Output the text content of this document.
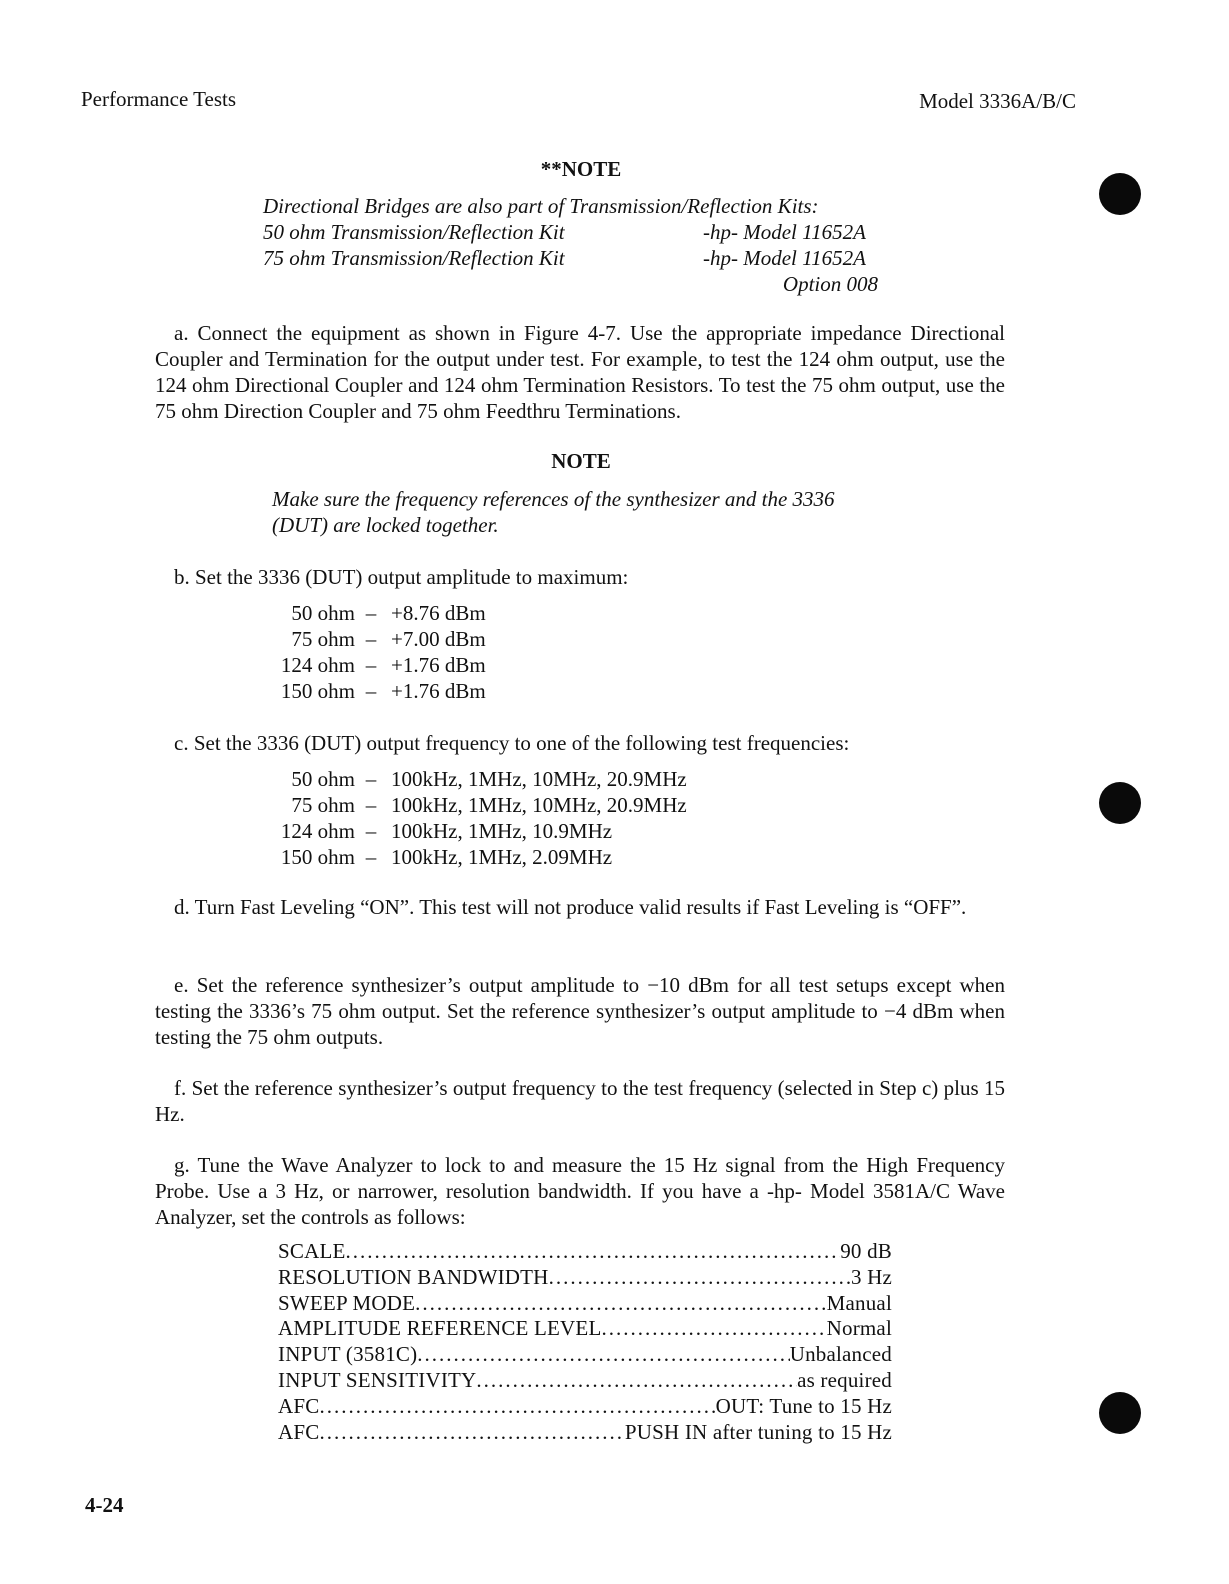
Performance Tests	Model 3336A/B/C
**NOTE
Directional Bridges are also part of Transmission/Reflection Kits:
50 ohm Transmission/Reflection Kit	-hp- Model 11652A
75 ohm Transmission/Reflection Kit	-hp- Model 11652A
Option 008
a. Connect the equipment as shown in Figure 4-7. Use the appropriate impedance Directional Coupler and Termination for the output under test. For example, to test the 124 ohm output, use the 124 ohm Directional Coupler and 124 ohm Termination Resistors. To test the 75 ohm output, use the 75 ohm Direction Coupler and 75 ohm Feedthru Terminations.
NOTE
Make sure the frequency references of the synthesizer and the 3336
(DUT) are locked together.
b. Set the 3336 (DUT) output amplitude to maximum:
50 ohm – +8.76 dBm
75 ohm – +7.00 dBm
124 ohm – +1.76 dBm
150 ohm – +1.76 dBm
c. Set the 3336 (DUT) output frequency to one of the following test frequencies:
50 ohm – 100kHz, 1MHz, 10MHz, 20.9MHz
75 ohm – 100kHz, 1MHz, 10MHz, 20.9MHz
124 ohm – 100kHz, 1MHz, 10.9MHz
150 ohm – 100kHz, 1MHz, 2.09MHz
d. Turn Fast Leveling “ON”. This test will not produce valid results if Fast Leveling is “OFF”.
e. Set the reference synthesizer’s output amplitude to −10 dBm for all test setups except when testing the 3336’s 75 ohm output. Set the reference synthesizer’s output amplitude to −4 dBm when testing the 75 ohm outputs.
f. Set the reference synthesizer’s output frequency to the test frequency (selected in Step c) plus 15 Hz.
g. Tune the Wave Analyzer to lock to and measure the 15 Hz signal from the High Frequency Probe. Use a 3 Hz, or narrower, resolution bandwidth. If you have a -hp- Model 3581A/C Wave Analyzer, set the controls as follows:
SCALE .....	90 dB
RESOLUTION BANDWIDTH .....	3 Hz
SWEEP MODE .....	Manual
AMPLITUDE REFERENCE LEVEL .....	Normal
INPUT (3581C) .....	Unbalanced
INPUT SENSITIVITY .....	as required
AFC .....	OUT: Tune to 15 Hz
AFC .....	PUSH IN after tuning to 15 Hz
4-24
